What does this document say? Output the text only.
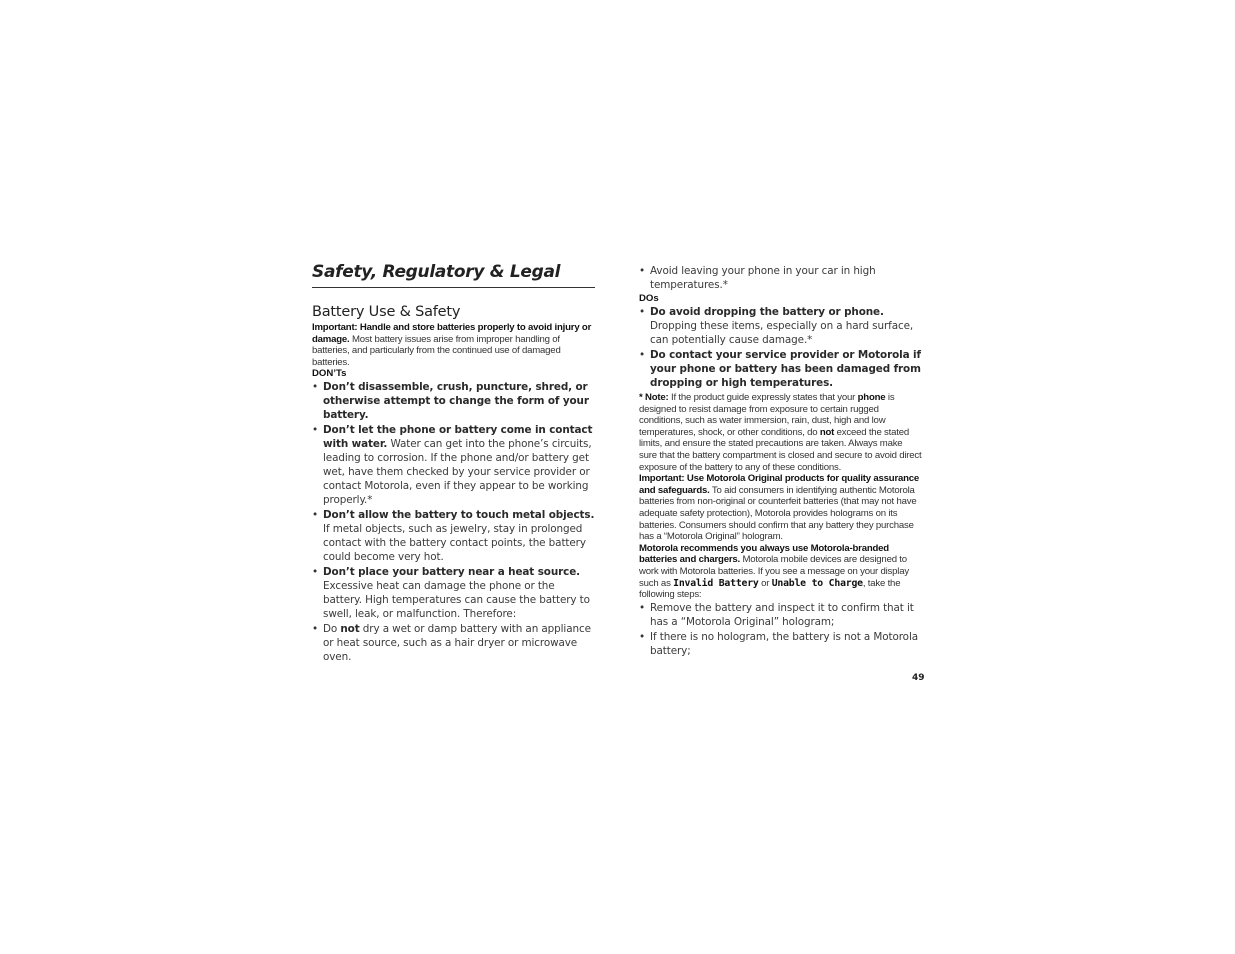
Safety, Regulatory & Legal
Battery Use & Safety

Important: Handle and store batteries properly to avoid injury or damage. Most battery issues arise from improper handling of batteries, and particularly from the continued use of damaged batteries.

DON’Ts

• Don’t disassemble, crush, puncture, shred, or otherwise attempt to change the form of your battery.
• Don’t let the phone or battery come in contact with water. Water can get into the phone’s circuits, leading to corrosion. If the phone and/or battery get wet, have them checked by your service provider or contact Motorola, even if they appear to be working properly.*
• Don’t allow the battery to touch metal objects. If metal objects, such as jewelry, stay in prolonged contact with the battery contact points, the battery could become very hot.
• Don’t place your battery near a heat source. Excessive heat can damage the phone or the battery. High temperatures can cause the battery to swell, leak, or malfunction. Therefore:
• Do not dry a wet or damp battery with an appliance or heat source, such as a hair dryer or microwave oven.
• Avoid leaving your phone in your car in high temperatures.*

DOs

• Do avoid dropping the battery or phone. Dropping these items, especially on a hard surface, can potentially cause damage.*
• Do contact your service provider or Motorola if your phone or battery has been damaged from dropping or high temperatures.

* Note: If the product guide expressly states that your phone is designed to resist damage from exposure to certain rugged conditions, such as water immersion, rain, dust, high and low temperatures, shock, or other conditions, do not exceed the stated limits, and ensure the stated precautions are taken. Always make sure that the battery compartment is closed and secure to avoid direct exposure of the battery to any of these conditions.

Important: Use Motorola Original products for quality assurance and safeguards. To aid consumers in identifying authentic Motorola batteries from non-original or counterfeit batteries (that may not have adequate safety protection), Motorola provides holograms on its batteries. Consumers should confirm that any battery they purchase has a “Motorola Original” hologram.

Motorola recommends you always use Motorola-branded batteries and chargers. Motorola mobile devices are designed to work with Motorola batteries. If you see a message on your display such as Invalid Battery or Unable to Charge, take the following steps:

• Remove the battery and inspect it to confirm that it has a “Motorola Original” hologram;
• If there is no hologram, the battery is not a Motorola battery;
49
